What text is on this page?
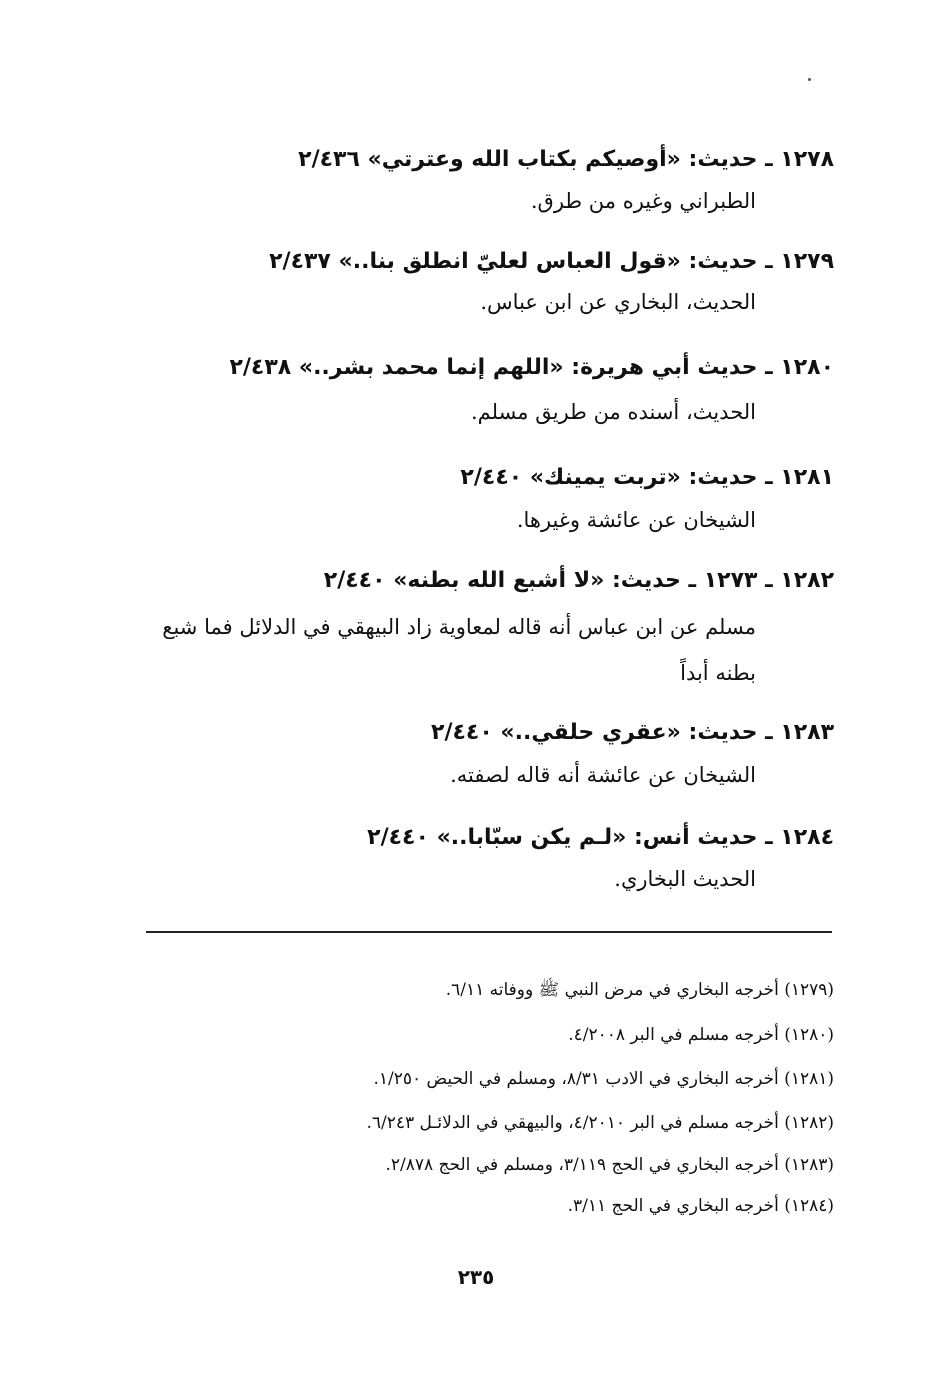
١٢٧٨ ـ حديث: «أوصيكم بكتاب الله وعترتي» ٢/٤٣٦

الطبراني وغيره من طرق.

١٢٧٩ ـ حديث: «قول العباس لعليّ انطلق بنا..» ٢/٤٣٧

الحديث، البخاري عن ابن عباس.

١٢٨٠ ـ حديث أبي هريرة: «اللهم إنما محمد بشر..» ٢/٤٣٨

الحديث، أسنده من طريق مسلم.

١٢٨١ ـ حديث: «تربت يمينك» ٢/٤٤٠

الشيخان عن عائشة وغيرها.

١٢٨٢ ـ ١٢٧٣ ـ حديث: «لا أشبع الله بطنه» ٢/٤٤٠

مسلم عن ابن عباس أنه قاله لمعاوية زاد البيهقي في الدلائل فما شبع بطنه أبداً

١٢٨٣ ـ حديث: «عقري حلقي..» ٢/٤٤٠

الشيخان عن عائشة أنه قاله لصفته.

١٢٨٤ ـ حديث أنس: «لـم يكن سبّابا..» ٢/٤٤٠

الحديث البخاري.

(١٢٧٩) أخرجه البخاري في مرض النبي ﷺ ووفاته ٦/١١.

(١٢٨٠) أخرجه مسلم في البر ٤/٢٠٠٨.

(١٢٨١) أخرجه البخاري في الادب ٨/٣١، ومسلم في الحيض ١/٢٥٠.

(١٢٨٢) أخرجه مسلم في البر ٤/٢٠١٠، والبيهقي في الدلائـل ٦/٢٤٣.

(١٢٨٣) أخرجه البخاري في الحج ٣/١١٩، ومسلم في الحج ٢/٨٧٨.

(١٢٨٤) أخرجه البخاري في الحج ٣/١١.

٢٣٥
